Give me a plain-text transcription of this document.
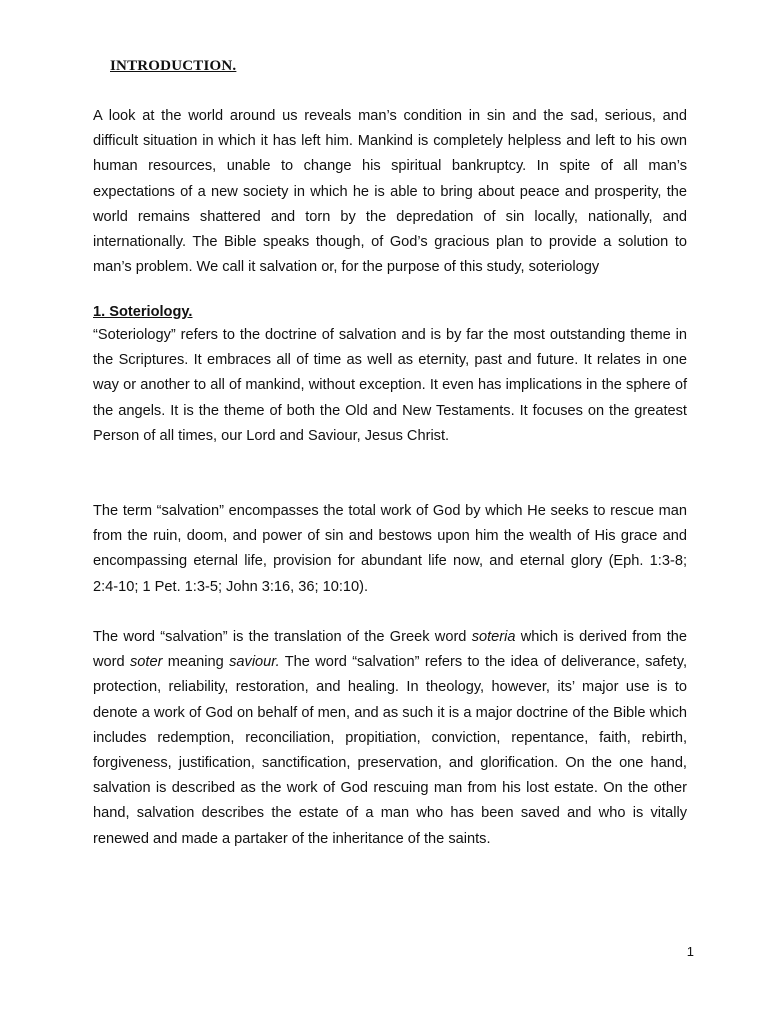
INTRODUCTION.

A look at the world around us reveals man’s condition in sin and the sad, serious, and difficult situation in which it has left him. Mankind is completely helpless and left to his own human resources, unable to change his spiritual bankruptcy. In spite of all man’s expectations of a new society in which he is able to bring about peace and prosperity, the world remains shattered and torn by the depredation of sin locally, nationally, and internationally. The Bible speaks though, of God’s gracious plan to provide a solution to man’s problem. We call it salvation or, for the purpose of this study, soteriology

1. Soteriology.

“Soteriology” refers to the doctrine of salvation and is by far the most outstanding theme in the Scriptures. It embraces all of time as well as eternity, past and future. It relates in one way or another to all of mankind, without exception. It even has implications in the sphere of the angels. It is the theme of both the Old and New Testaments. It focuses on the greatest Person of all times, our Lord and Saviour, Jesus Christ.

The term “salvation” encompasses the total work of God by which He seeks to rescue man from the ruin, doom, and power of sin and bestows upon him the wealth of His grace and encompassing eternal life, provision for abundant life now, and eternal glory (Eph. 1:3-8; 2:4-10; 1 Pet. 1:3-5; John 3:16, 36; 10:10).

The word “salvation” is the translation of the Greek word soteria which is derived from the word soter meaning saviour. The word “salvation” refers to the idea of deliverance, safety, protection, reliability, restoration, and healing. In theology, however, its’ major use is to denote a work of God on behalf of men, and as such it is a major doctrine of the Bible which includes redemption, reconciliation, propitiation, conviction, repentance, faith, rebirth, forgiveness, justification, sanctification, preservation, and glorification. On the one hand, salvation is described as the work of God rescuing man from his lost estate. On the other hand, salvation describes the estate of a man who has been saved and who is vitally renewed and made a partaker of the inheritance of the saints.

1
